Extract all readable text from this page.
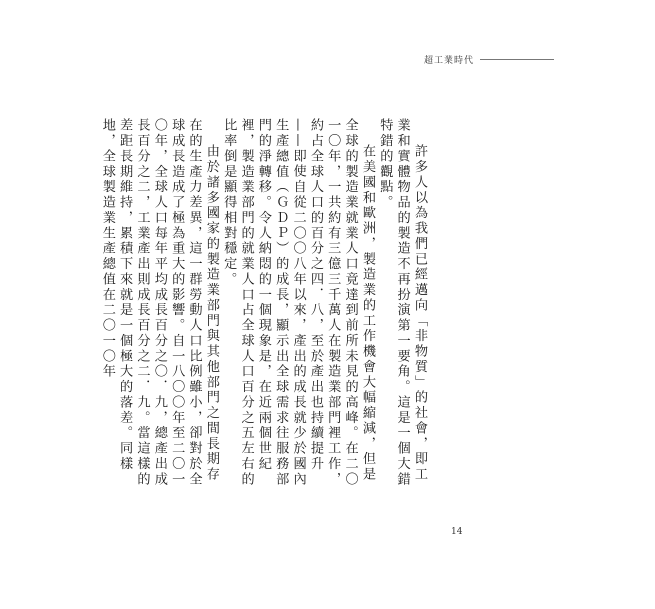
超工業時代

許多人以為我們已經邁向「非物質」的社會，即工業和實體物品的製造不再扮演第一要角。這是一個大錯特錯的觀點。

在美國和歐洲，製造業的工作機會大幅縮減，但是全球的製造業就業人口竟達到前所未見的高峰。在二〇一〇年，一共約有三億三千萬人在製造業部門裡工作，約占全球人口的百分之四．八，至於產出也持續提升——即使自從二〇〇八年以來，產出的成長就少於國內生產總值（ＧＤＰ）的成長，顯示出全球需求往服務部門的淨轉移。令人納悶的一個現象是，在近兩個世紀裡，製造業部門的就業人口占全球人口百分之五左右的比率倒是顯得相對穩定。

由於諸多國家的製造業部門與其他部門之間長期存在的生產力差異，這一群勞動人口比例雖小，卻對於全球成長造成了極為重大的影響。自一八〇〇年至二〇一〇年，全球人口每年平均成長百分之〇．九，總產出成長百分之二，工業產出則成長百分之二．九。當這樣的差距長期維持，累積下來就是一個極大的落差。同樣地，全球製造業生產總值在二〇一〇年

14
